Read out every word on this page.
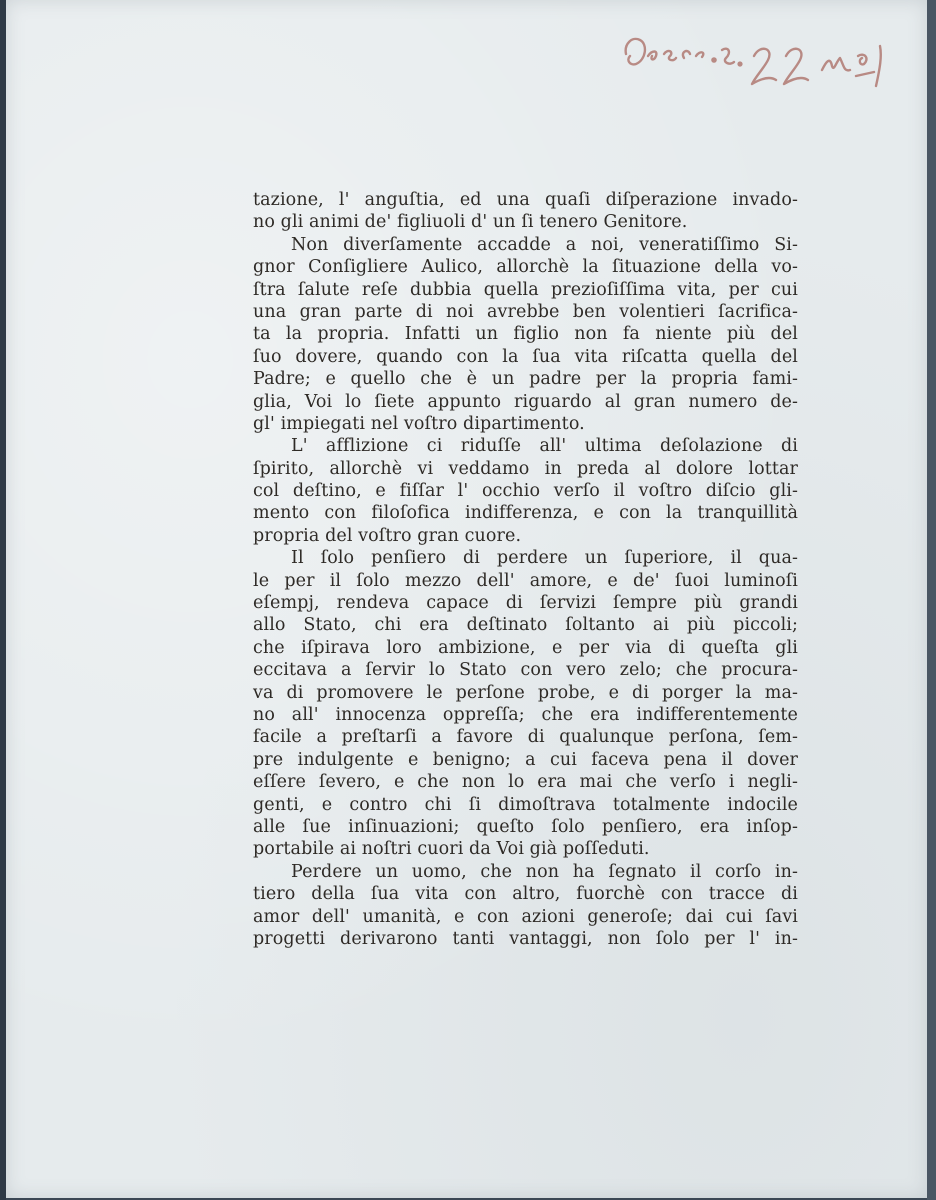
tazione, l' anguſtia, ed una quaſi diſperazione invado-
no gli animi de' figliuoli d' un ſi tenero Genitore.
Non diverſamente accadde a noi, veneratiſſimo Si-
gnor Conſigliere Aulico, allorchè la ſituazione della vo-
ſtra ſalute reſe dubbia quella prezioſiſſima vita, per cui
una gran parte di noi avrebbe ben volentieri ſacrifica-
ta la propria. Infatti un figlio non fa niente più del
ſuo dovere, quando con la ſua vita riſcatta quella del
Padre; e quello che è un padre per la propria fami-
glia, Voi lo ſiete appunto riguardo al gran numero de-
gl' impiegati nel voſtro dipartimento.
L' afflizione ci riduſſe all' ultima deſolazione di
ſpirito, allorchè vi veddamo in preda al dolore lottar
col deſtino, e fiſſar l' occhio verſo il voſtro diſcio gli-
mento con filoſofica indifferenza, e con la tranquillità
propria del voſtro gran cuore.
Il ſolo penſiero di perdere un ſuperiore, il qua-
le per il ſolo mezzo dell' amore, e de' ſuoi luminoſi
eſempj, rendeva capace di ſervizi ſempre più grandi
allo Stato, chi era deſtinato ſoltanto ai più piccoli;
che iſpirava loro ambizione, e per via di queſta gli
eccitava a ſervir lo Stato con vero zelo; che procura-
va di promovere le perſone probe, e di porger la ma-
no all' innocenza oppreſſa; che era indifferentemente
facile a preſtarſi a favore di qualunque perſona, ſem-
pre indulgente e benigno; a cui faceva pena il dover
eſſere ſevero, e che non lo era mai che verſo i negli-
genti, e contro chi ſi dimoſtrava totalmente indocile
alle ſue inſinuazioni; queſto ſolo penſiero, era inſop-
portabile ai noſtri cuori da Voi già poſſeduti.
Perdere un uomo, che non ha ſegnato il corſo in-
tiero della ſua vita con altro, fuorchè con tracce di
amor dell' umanità, e con azioni generoſe; dai cui ſavi
progetti derivarono tanti vantaggi, non ſolo per l' in-
